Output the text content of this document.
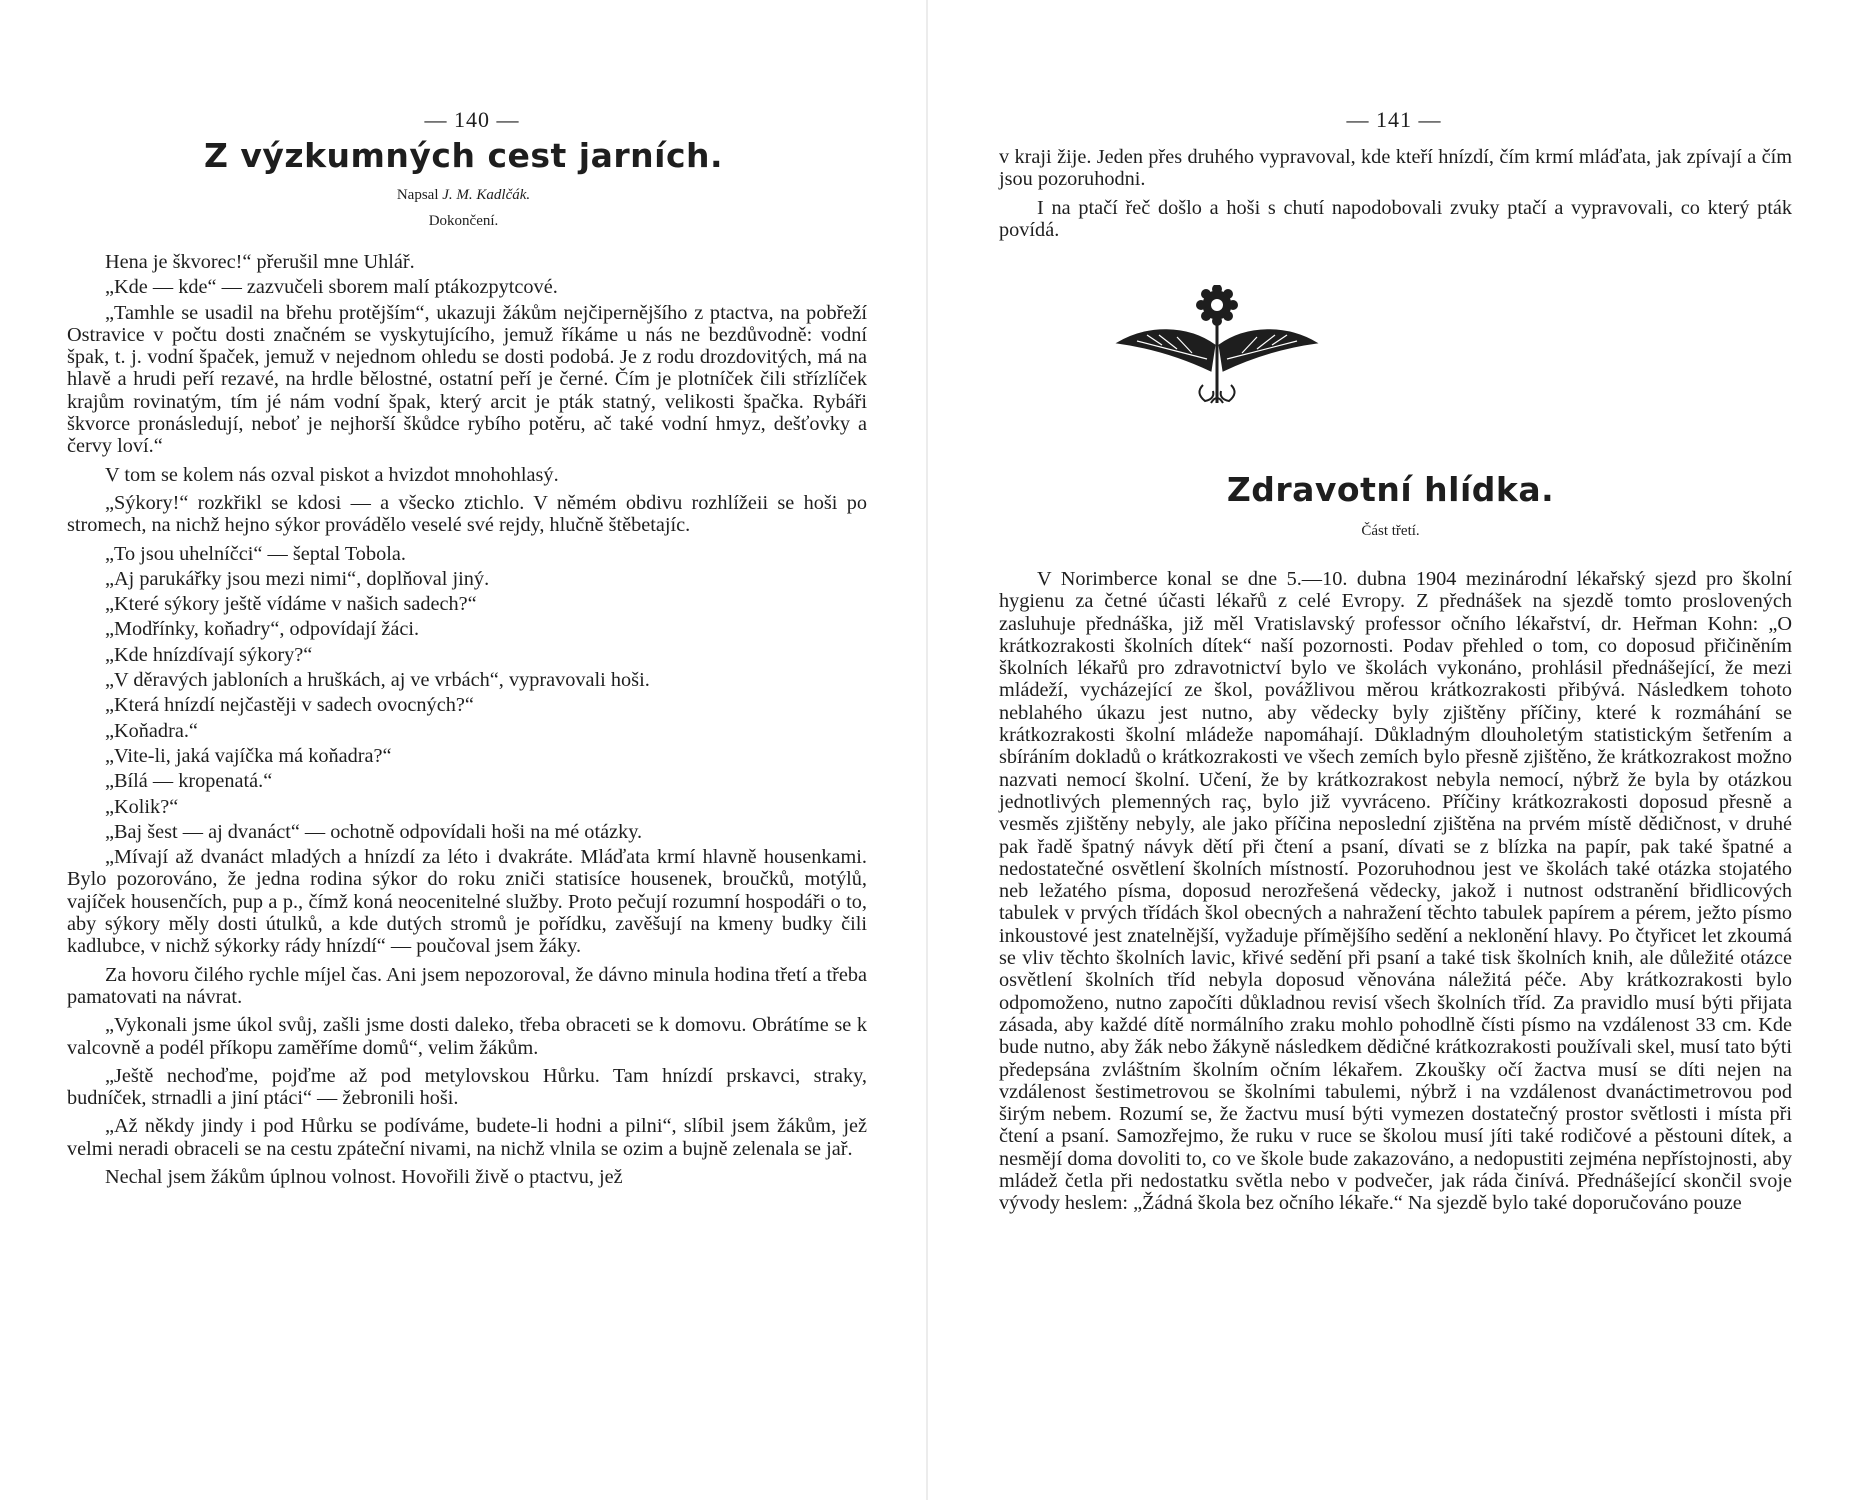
— 140 —
Z výzkumných cest jarních.
Napsal J. M. Kadlčák.
Dokončení.

Hena je škvorec!“ přerušil mne Uhlář.

„Kde — kde“ — zazvučeli sborem malí ptákozpytcové.

„Tamhle se usadil na břehu protějším“, ukazuji žákům nejčipernějšího z ptactva, na pobřeží Ostravice v počtu dosti značném se vyskytujícího, jemuž říkáme u nás ne bezdůvodně: vodní špak, t. j. vodní špaček, jemuž v nejednom ohledu se dosti podobá. Je z rodu drozdovitých, má na hlavě a hrudi peří rezavé, na hrdle bělostné, ostatní peří je černé. Čím je plotníček čili střízlíček krajům rovinatým, tím jé nám vodní špak, který arcit je pták statný, velikosti špačka. Rybáři škvorce pronásledují, neboť je nejhorší škůdce rybího potěru, ač také vodní hmyz, dešťovky a červy loví.“

V tom se kolem nás ozval piskot a hvizdot mnohohlasý.

„Sýkory!“ rozkřikl se kdosi — a všecko ztichlo. V němém obdivu rozhlížeii se hoši po stromech, na nichž hejno sýkor provádělo veselé své rejdy, hlučně štěbetajíc.

„To jsou uhelníčci“ — šeptal Tobola.

„Aj parukářky jsou mezi nimi“, doplňoval jiný.

„Které sýkory ještě vídáme v našich sadech?“

„Modřínky, koňadry“, odpovídají žáci.

„Kde hnízdívají sýkory?“

„V děravých jabloních a hruškách, aj ve vrbách“, vypravovali hoši.

„Která hnízdí nejčastěji v sadech ovocných?“

„Koňadra.“

„Vite-li, jaká vajíčka má koňadra?“

„Bílá — kropenatá.“

„Kolik?“

„Baj šest — aj dvanáct“ — ochotně odpovídali hoši na mé otázky.

„Mívají až dvanáct mladých a hnízdí za léto i dvakráte. Mláďata krmí hlavně housenkami. Bylo pozorováno, že jedna rodina sýkor do roku zniči statisíce housenek, broučků, motýlů, vajíček housenčích, pup a p., čímž koná neocenitelné služby. Proto pečují rozumní hospodáři o to, aby sýkory měly dosti útulků, a kde dutých stromů je pořídku, zavěšují na kmeny budky čili kadlubce, v nichž sýkorky rády hnízdí“ — poučoval jsem žáky.

Za hovoru čilého rychle míjel čas. Ani jsem nepozoroval, že dávno minula hodina třetí a třeba pamatovati na návrat.

„Vykonali jsme úkol svůj, zašli jsme dosti daleko, třeba obraceti se k domovu. Obrátíme se k valcovně a podél příkopu zaměříme domů“, velim žákům.

„Ještě nechoďme, pojďme až pod metylovskou Hůrku. Tam hnízdí prskavci, straky, budníček, strnadli a jiní ptáci“ — žebronili hoši.

„Až někdy jindy i pod Hůrku se podíváme, budete-li hodni a pilni“, slíbil jsem žákům, jež velmi neradi obraceli se na cestu zpáteční nivami, na nichž vlnila se ozim a bujně zelenala se jař.

Nechal jsem žákům úplnou volnost. Hovořili živě o ptactvu, jež

— 141 —

v kraji žije. Jeden přes druhého vypravoval, kde kteří hnízdí, čím krmí mláďata, jak zpívají a čím jsou pozoruhodni.

I na ptačí řeč došlo a hoši s chutí napodobovali zvuky ptačí a vypravovali, co který pták povídá.

Zdravotní hlídka.
Část třetí.

V Norimberce konal se dne 5.—10. dubna 1904 mezinárodní lékařský sjezd pro školní hygienu za četné účasti lékařů z celé Evropy. Z přednášek na sjezdě tomto proslovených zasluhuje přednáška, již měl Vratislavský professor očního lékařství, dr. Heřman Kohn: „O krátkozrakosti školních dítek“ naší pozornosti. Podav přehled o tom, co doposud přičiněním školních lékařů pro zdravotnictví bylo ve školách vykonáno, prohlásil přednášející, že mezi mládeží, vycházející ze škol, povážlivou měrou krátkozrakosti přibývá. Následkem tohoto neblahého úkazu jest nutno, aby vědecky byly zjištěny příčiny, které k rozmáhání se krátkozrakosti školní mládeže napomáhají. Důkladným dlouholetým statistickým šetřením a sbíráním dokladů o krátkozrakosti ve všech zemích bylo přesně zjištěno, že krátkozrakost možno nazvati nemocí školní. Učení, že by krátkozrakost nebyla nemocí, nýbrž že byla by otázkou jednotlivých plemenných raç, bylo již vyvráceno. Příčiny krátkozrakosti doposud přesně a vesměs zjištěny nebyly, ale jako příčina neposlední zjištěna na prvém místě dědičnost, v druhé pak řadě špatný návyk dětí při čtení a psaní, dívati se z blízka na papír, pak také špatné a nedostatečné osvětlení školních místností. Pozoruhodnou jest ve školách také otázka stojatého neb ležatého písma, doposud nerozřešená vědecky, jakož i nutnost odstranění břidlicových tabulek v prvých třídách škol obecných a nahražení těchto tabulek papírem a pérem, ježto písmo inkoustové jest znatelnější, vyžaduje přímějšího sedění a neklonění hlavy. Po čtyřicet let zkoumá se vliv těchto školních lavic, křivé sedění při psaní a také tisk školních knih, ale důležité otázce osvětlení školních tříd nebyla doposud věnována náležitá péče. Aby krátkozrakosti bylo odpomoženo, nutno započíti důkladnou revisí všech školních tříd. Za pravidlo musí býti přijata zásada, aby každé dítě normálního zraku mohlo pohodlně čísti písmo na vzdálenost 33 cm. Kde bude nutno, aby žák nebo žákyně následkem dědičné krátkozrakosti používali skel, musí tato býti předepsána zvláštním školním očním lékařem. Zkoušky očí žactva musí se díti nejen na vzdálenost šestimetrovou se školními tabulemi, nýbrž i na vzdálenost dvanáctimetrovou pod širým nebem. Rozumí se, že žactvu musí býti vymezen dostatečný prostor světlosti i místa při čtení a psaní. Samozřejmo, že ruku v ruce se školou musí jíti také rodičové a pěstouni dítek, a nesmějí doma dovoliti to, co ve škole bude zakazováno, a nedopustiti zejména nepřístojnosti, aby mládež četla při nedostatku světla nebo v podvečer, jak ráda činívá. Přednášející skončil svoje vývody heslem: „Žádná škola bez očního lékaře.“ Na sjezdě bylo také doporučováno pouze
